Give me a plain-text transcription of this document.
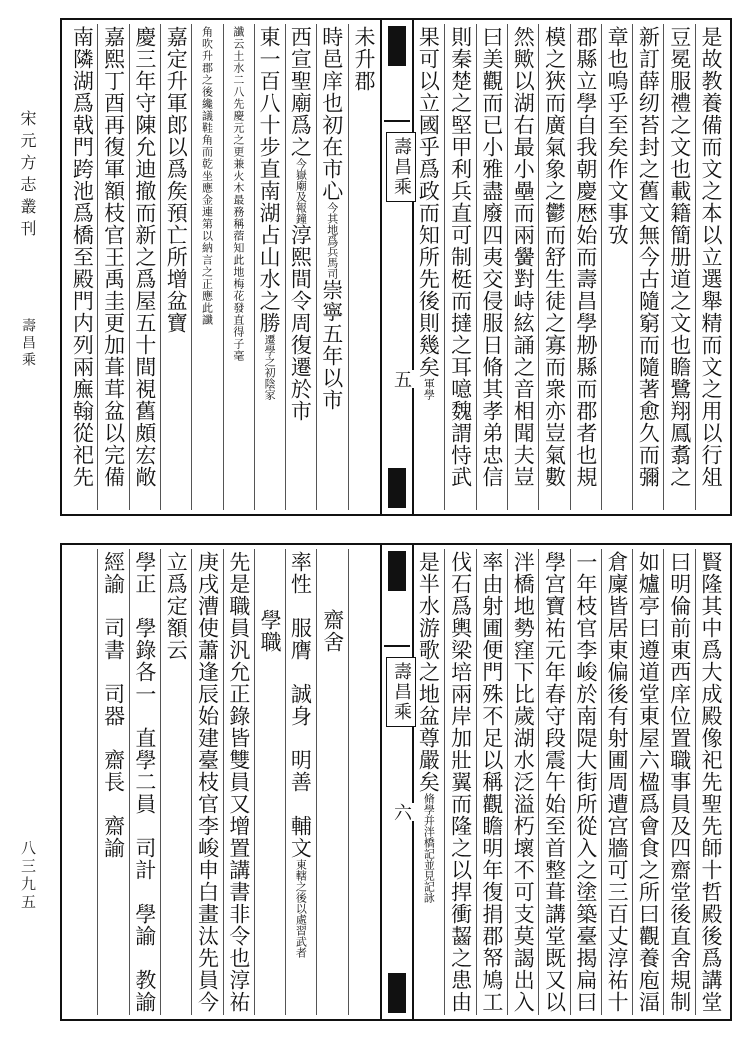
宋元方志叢刊
壽昌乘
八三九五
是故教養備而文之本以立選舉精而文之用以行俎
豆冕服禮之文也載籍簡册道之文也瞻鷺翔鳳翥之
新訂薛纫苔封之舊文無今古隨窮而隨著愈久而彌
章也嗚乎至矣作文事攷
郡縣立學自我朝慶厯始而壽昌學刱縣而郡者也規
模之狹而廣氣象之鬱而舒生徒之寡而衆亦豈氣數
然歟以湖右最小壘而兩黌對峙絃誦之音相聞夫豈
曰美觀而已小雅盡廢四夷交侵服日脩其孝弟忠信
則秦楚之堅甲利兵直可制梃而撻之耳噫魏謂恃武
果可以立國乎爲政而知所先後則幾矣軍學
壽昌乘
五
未升郡
時邑庠也初在市心今其地爲兵馬司崇寧五年以市
西宣聖廟爲之今嶽廟及報鐘淳熙間令周復遷於市
東一百八十步直南湖占山水之勝遷學之初陰家
讖云土水二八先慶元之更兼火木最務稱蓿知此地梅花發直得子毫
角吹升郡之後纔議鞋角而乾坐應金連第以納言之正應此讖
嘉定升軍郎以爲矦預亡所增盆寶
慶三年守陳允迪撤而新之爲屋五十間視舊頗宏敞
嘉熙丁酉再復軍額枝官王禹圭更加葺茸盆以完備
南隣湖爲戟門跨池爲橋至殿門内列兩廡翰從祀先
賢隆其中爲大成殿像祀先聖先師十哲殿後爲講堂
曰明倫前東西庠位置職事員及四齋堂後直舍規制
如爐亭曰遵道堂東屋六楹爲會食之所曰觀養庖湢
倉廩皆居東偏後有射圃周遭宫牆可三百丈淳祐十
一年枝官李峻於南隄大街所從入之塗築臺揭扁曰
學宫寶祐元年春守段震午始至首整葺講堂既又以
泮橋地勢窪下比歲湖水泛溢朽壞不可支莫謁出入
率由射圃便門殊不足以稱觀瞻明年復捐郡帑鳩工
伐石爲輿梁培兩岸加壯翼而隆之以捍衝齧之患由
是半水游歌之地盆尊嚴矣脩學并泮橋記並見記詠
壽昌乘
六
齋舍
率性　服膺　誠身　明善　輔文東轄之後以處習武者
學職
先是職員汎允正錄皆雙員又增置講書非令也淳祐
庚戌漕使蕭逢辰始建臺枝官李峻申白畫汰先員今
立爲定額云
學正　學錄各一　直學二員　司計　學諭　教諭
經諭　司書　司器　齋長　齋諭
